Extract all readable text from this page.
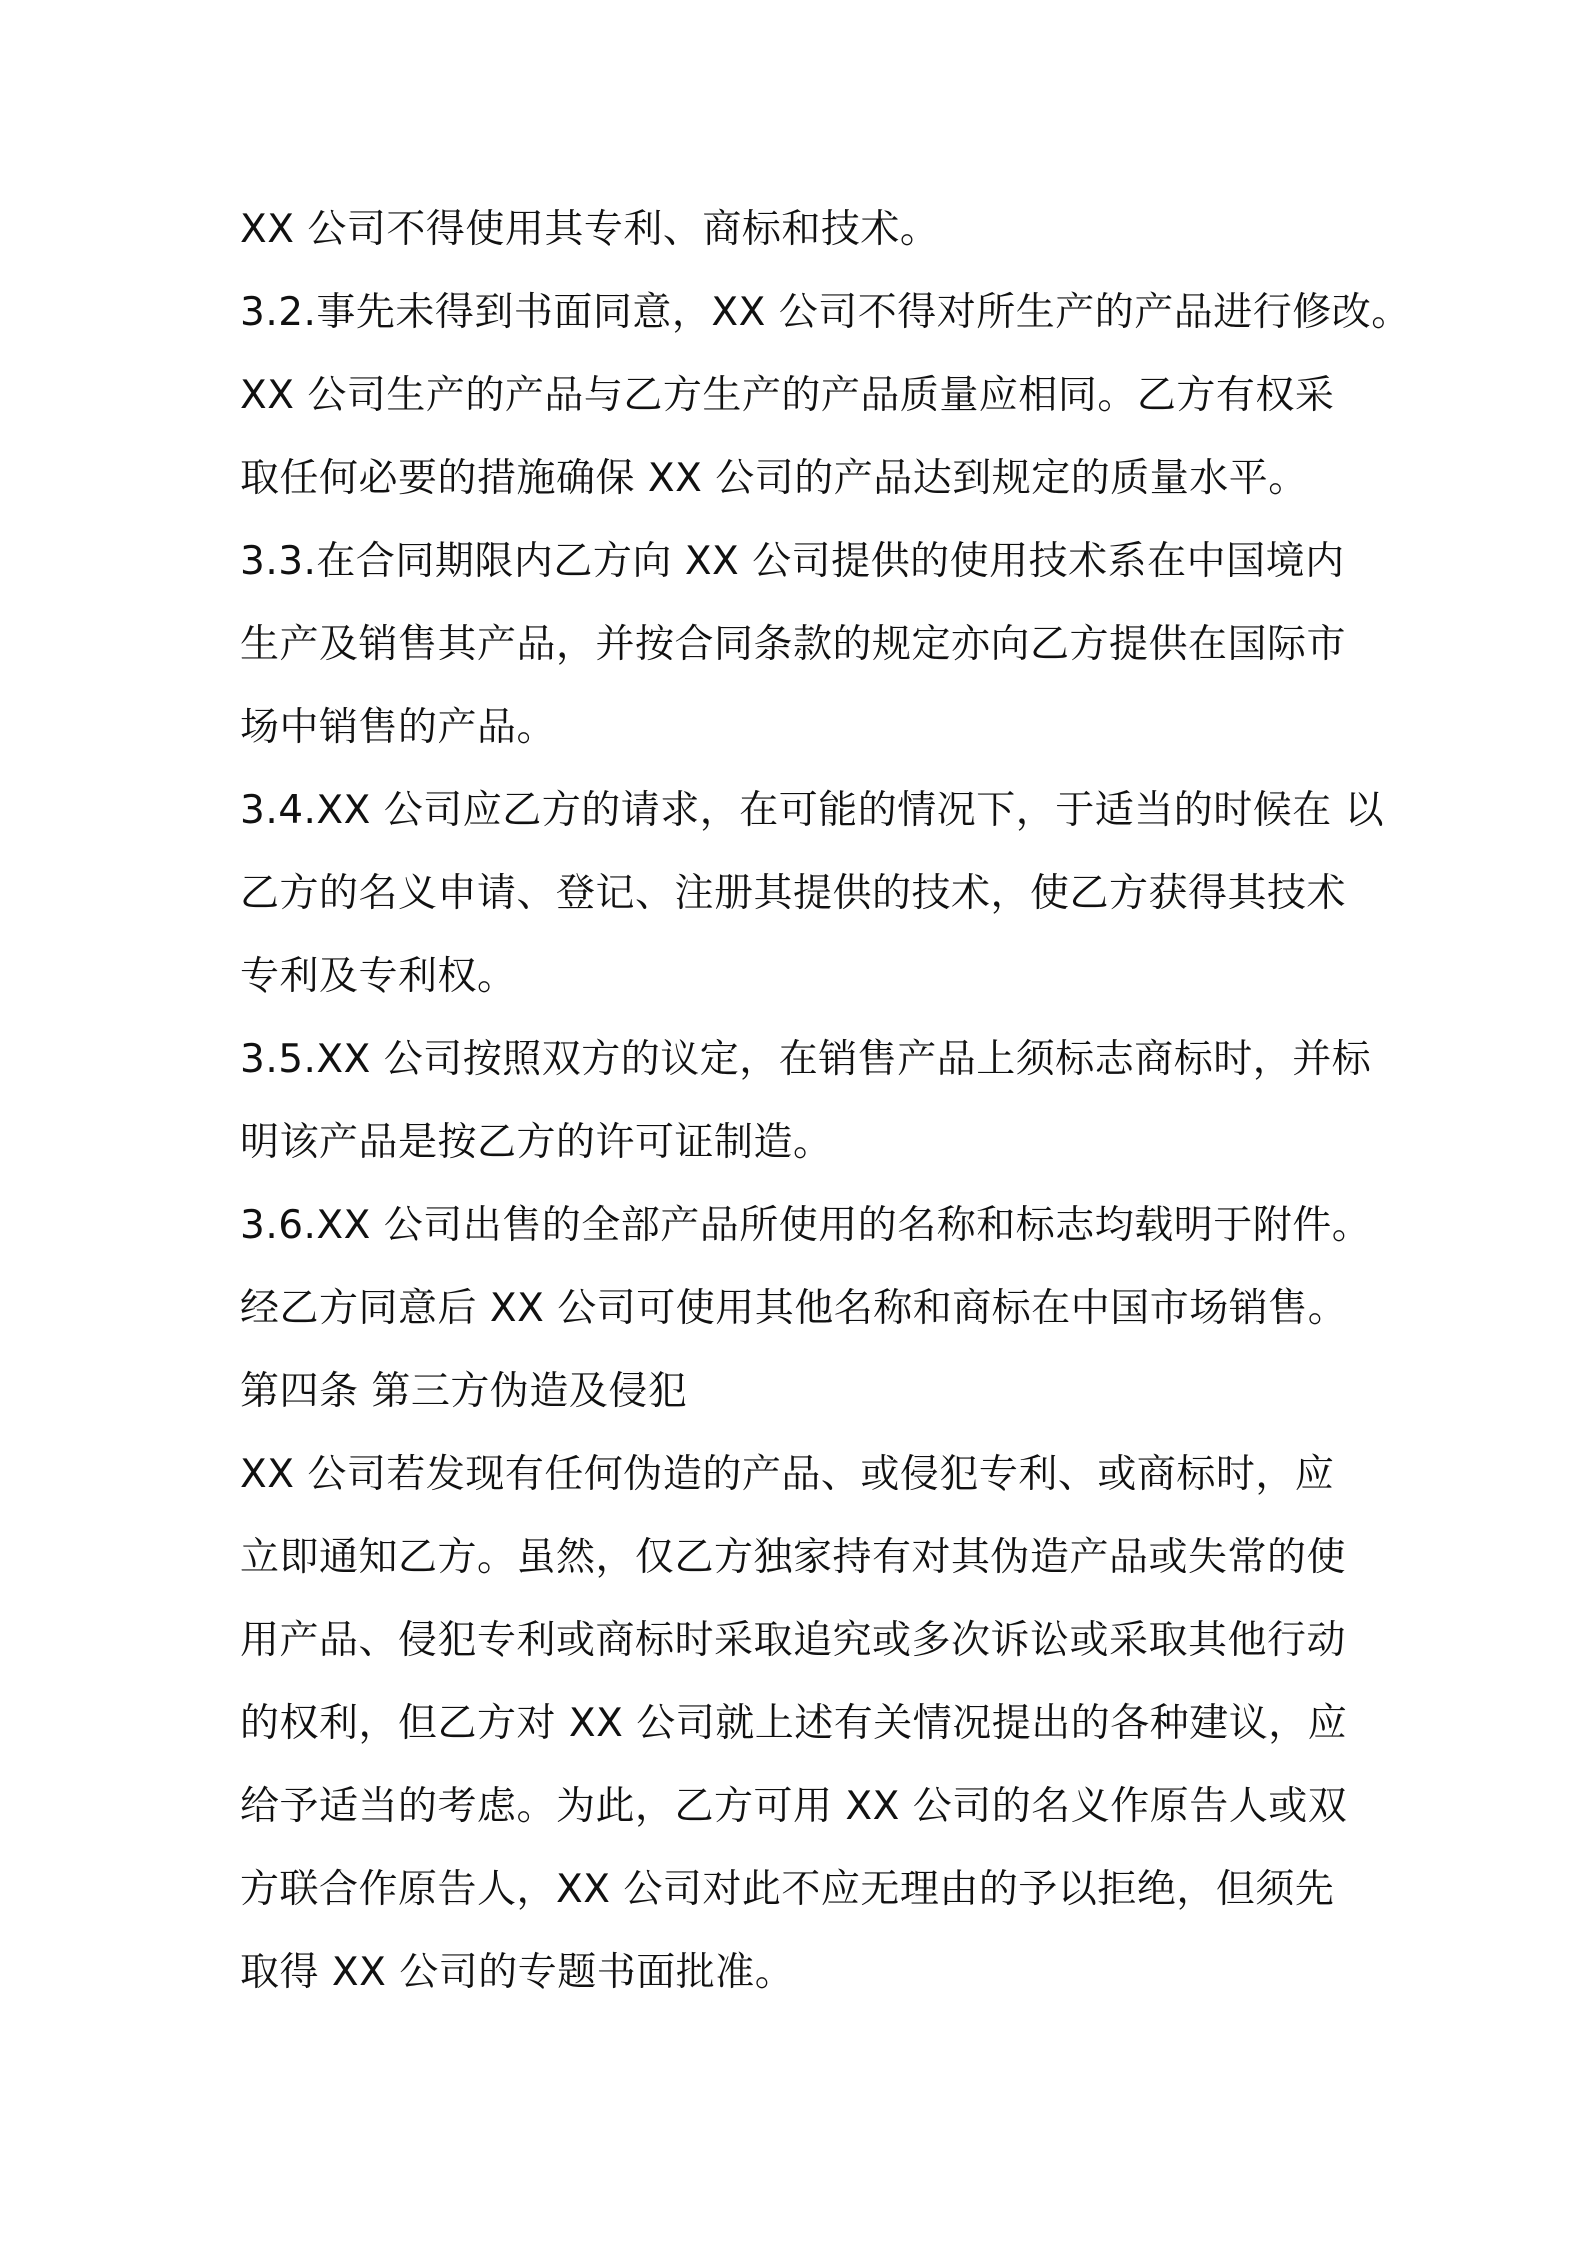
XX 公司不得使用其专利、商标和技术。
3.2.事先未得到书面同意，XX 公司不得对所生产的产品进行修改。
XX 公司生产的产品与乙方生产的产品质量应相同。乙方有权采
取任何必要的措施确保 XX 公司的产品达到规定的质量水平。
3.3.在合同期限内乙方向 XX 公司提供的使用技术系在中国境内
生产及销售其产品，并按合同条款的规定亦向乙方提供在国际市
场中销售的产品。
3.4.XX 公司应乙方的请求，在可能的情况下，于适当的时候在 以
乙方的名义申请、登记、注册其提供的技术，使乙方获得其技术
专利及专利权。
3.5.XX 公司按照双方的议定，在销售产品上须标志商标时，并标
明该产品是按乙方的许可证制造。
3.6.XX 公司出售的全部产品所使用的名称和标志均载明于附件。
经乙方同意后 XX 公司可使用其他名称和商标在中国市场销售。
第四条 第三方伪造及侵犯
XX 公司若发现有任何伪造的产品、或侵犯专利、或商标时，应
立即通知乙方。虽然，仅乙方独家持有对其伪造产品或失常的使
用产品、侵犯专利或商标时采取追究或多次诉讼或采取其他行动
的权利，但乙方对 XX 公司就上述有关情况提出的各种建议，应
给予适当的考虑。为此，乙方可用 XX 公司的名义作原告人或双
方联合作原告人，XX 公司对此不应无理由的予以拒绝，但须先
取得 XX 公司的专题书面批准。
